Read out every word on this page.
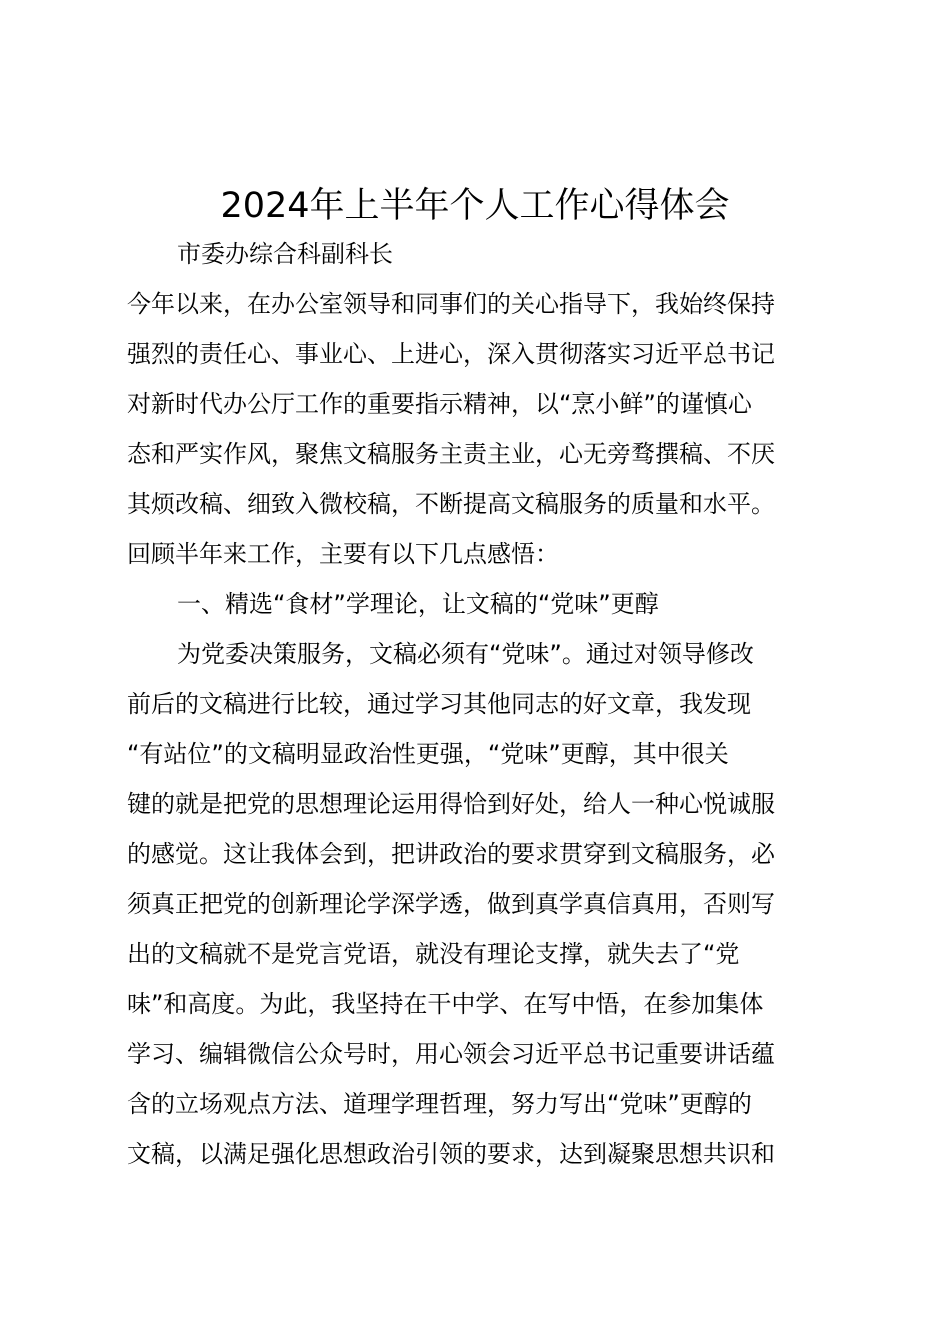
2024年上半年个人工作心得体会
市委办综合科副科长
今年以来，在办公室领导和同事们的关心指导下，我始终保持
强烈的责任心、事业心、上进心，深入贯彻落实习近平总书记
对新时代办公厅工作的重要指示精神，以“烹小鲜”的谨慎心
态和严实作风，聚焦文稿服务主责主业，心无旁骛撰稿、不厌
其烦改稿、细致入微校稿，不断提高文稿服务的质量和水平。
回顾半年来工作，主要有以下几点感悟：
一、精选“食材”学理论，让文稿的“党味”更醇
为党委决策服务，文稿必须有“党味”。通过对领导修改
前后的文稿进行比较，通过学习其他同志的好文章，我发现
“有站位”的文稿明显政治性更强，“党味”更醇，其中很关
键的就是把党的思想理论运用得恰到好处，给人一种心悦诚服
的感觉。这让我体会到，把讲政治的要求贯穿到文稿服务，必
须真正把党的创新理论学深学透，做到真学真信真用，否则写
出的文稿就不是党言党语，就没有理论支撑，就失去了“党
味”和高度。为此，我坚持在干中学、在写中悟，在参加集体
学习、编辑微信公众号时，用心领会习近平总书记重要讲话蕴
含的立场观点方法、道理学理哲理，努力写出“党味”更醇的
文稿，以满足强化思想政治引领的要求，达到凝聚思想共识和
